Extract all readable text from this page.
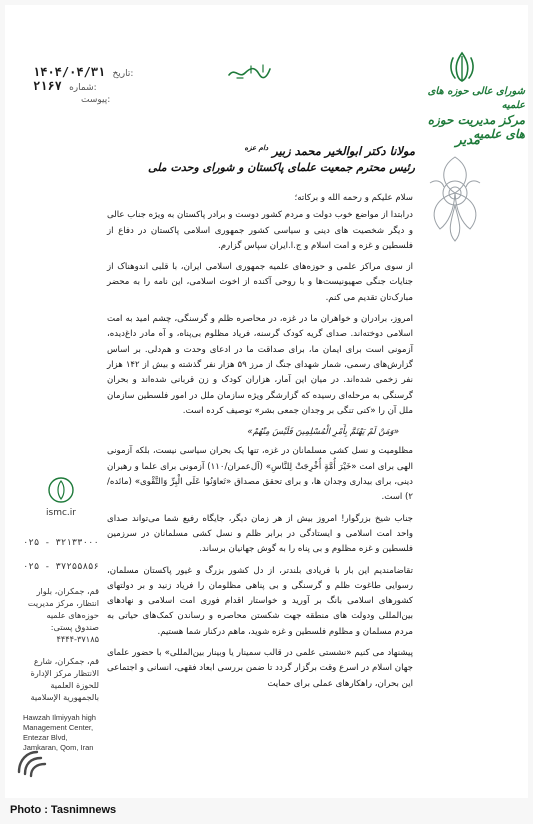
۱۴۰۴/۰۴/۳۱ تاریخ:
۲۱۶۷ شماره:
پیوست:
شورای عالی حوزه های علمیه
مرکز مدیریت حوزه های علمیه
مدیر
مولانا دکتر ابوالخیر محمد زبیر $^{دام عزه}$
رئیس محترم جمعیت علمای پاکستان و شورای وحدت ملی

سلام علیکم و رحمه الله و برکاته؛

درابتدا از مواضع خوب دولت و مردم کشور دوست و برادر پاکستان به ویژه جناب عالی و دیگر شخصیت های دینی و سیاسی کشور جمهوری اسلامی پاکستان در دفاع از فلسطین و غزه و امت اسلام و ج.ا.ایران سپاس گزارم.

از سوی مراکز علمی و حوزه‌های علمیه جمهوری اسلامی ایران، با قلبی اندوهناک از جنایات جنگی صهیونیست‌ها و با روحی آکنده از اخوت اسلامی، این نامه را به محضر مبارک‌تان تقدیم می کنم.

امروز، برادران و خواهران ما در غزه، در محاصره ظلم و گرسنگی، چشم امید به امت اسلامی دوخته‌اند. صدای گریه کودک گرسنه، فریاد مظلوم بی‌پناه، و آه مادر داغ‌دیده، آزمونی است برای ایمان ما، برای صداقت ما در ادعای وحدت و هم‌دلی. بر اساس گزارش‌های رسمی، شمار شهدای جنگ از مرز ۵۹ هزار نفر گذشته و بیش از ۱۴۲ هزار نفر زخمی شده‌اند. در میان این آمار، هزاران کودک و زن قربانی شده‌اند و بحران گرسنگی به مرحله‌ای رسیده که گزارشگر ویژه سازمان ملل در امور فلسطین سازمان ملل آن را «کنی تنگی بر وجدان جمعی بشر» توصیف کرده است.

«وَمَنْ لَمْ یَهْتَمَّ بِأَمْرِ الْمُسْلِمِینَ فَلَیْسَ مِنْهُمْ»

مظلومیت و نسل کشی مسلمانان در غزه، تنها یک بحران سیاسی نیست، بلکه آزمونی الهی برای امت «خَیْرَ أُمَّةٍ أُخْرِجَتْ لِلنَّاسِ» (آل‌عمران/۱۱۰) آزمونی برای علما و رهبران دینی، برای بیداری وجدان ها، و برای تحقق مصداق «تَعاوَنُوا عَلَی الْبِرِّ وَالتَّقْوی» (مائده/۲) است.

جناب شیخ بزرگوار! امروز بیش از هر زمان دیگر، جایگاه رفیع شما می‌تواند صدای واحد امت اسلامی و ایستادگی در برابر ظلم و نسل کشی مسلمانان در سرزمین فلسطین و غزه مظلوم و بی پناه را به گوش جهانیان برساند.

تقاضامندیم این بار با فریادی بلندتر، از دل کشور بزرگ و غیور پاکستان مسلمان، رسوایی طاغوت ظلم و گرسنگی و بی پناهی مظلومان را فریاد زنید و بر دولتهای کشورهای اسلامی بانگ بر آورید و خواستار اقدام فوری امت اسلامی و نهادهای بین‌المللی ودولت های منطقه جهت شکستن محاصره و رساندن کمک‌های حیاتی به مردم مسلمان و مظلوم فلسطین و غزه شوید، ماهم درکنار شما هستیم.

پیشنهاد می کنیم «نشستی علمی در قالب سمینار یا وبینار بین‌المللی» با حضور علمای جهان اسلام در اسرع وقت برگزار گردد تا ضمن بررسی ابعاد فقهی، انسانی و اجتماعی این بحران، راهکارهای عملی برای حمایت

ismc.ir
۰۲۵ - ۳۲۱۳۳۰۰۰
۰۲۵ - ۳۷۲۵۵۸۵۶
قم، جمکران، بلوار انتظار، مرکز مدیریت حوزه‌های علمیه صندوق پستی: ۳۷۱۸۵-۴۴۴۴
قم، جمکران، شارع الانتظار مركز الإدارة للحوزة العلمية بالجمهورية الإسلامية
Hawzah Ilmiyyah high Management Center, Entezar Blvd, Jamkaran, Qom, Iran
Photo : Tasnimnews
